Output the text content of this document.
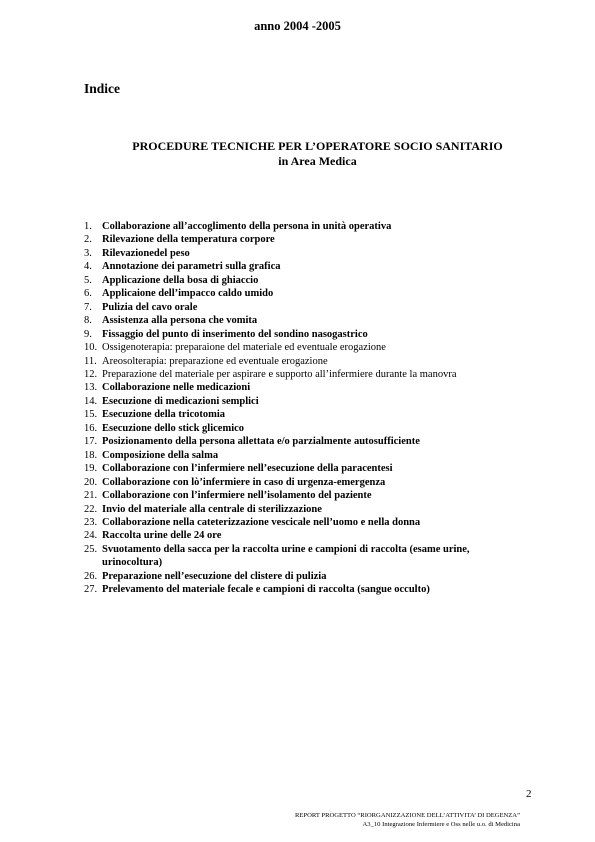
anno 2004 -2005
Indice
PROCEDURE TECNICHE PER L’OPERATORE SOCIO SANITARIO
in Area Medica
1. Collaborazione all’accoglimento della persona in unità operativa
2. Rilevazione della temperatura corpore
3. Rilevazionedel peso
4. Annotazione dei parametri sulla grafica
5. Applicazione della bosa di ghiaccio
6. Applicaione dell’impacco caldo umido
7. Pulizia del cavo orale
8. Assistenza alla persona che vomita
9. Fissaggio del punto di inserimento del sondino nasogastrico
10. Ossigenoterapia: preparaione del materiale ed eventuale erogazione
11. Areosolterapia: preparazione ed eventuale erogazione
12. Preparazione del materiale per aspirare e supporto all’infermiere durante la manovra
13. Collaborazione nelle medicazioni
14. Esecuzione di medicazioni semplici
15. Esecuzione della tricotomia
16. Esecuzione dello stick glicemico
17. Posizionamento della persona allettata e/o parzialmente autosufficiente
18. Composizione della salma
19. Collaborazione con l’infermiere nell’esecuzione della paracentesi
20. Collaborazione con lò’infermiere in caso di urgenza-emergenza
21. Collaborazione con l’infermiere nell’isolamento del paziente
22. Invio del materiale alla centrale di sterilizzazione
23. Collaborazione nella cateterizzazione vescicale nell’uomo e nella donna
24. Raccolta urine delle 24 ore
25. Svuotamento della sacca per la raccolta urine e campioni di raccolta (esame urine, urinocoltura)
26. Preparazione nell’esecuzione del clistere di pulizia
27. Prelevamento del materiale fecale e campioni di raccolta (sangue occulto)
2
REPORT PROGETTO “RIORGANIZZAZIONE DELL’ATTIVITA’ DI DEGENZA”
A3_10 Integrazione Infermiere e Oss nelle u.o. di Medicina
